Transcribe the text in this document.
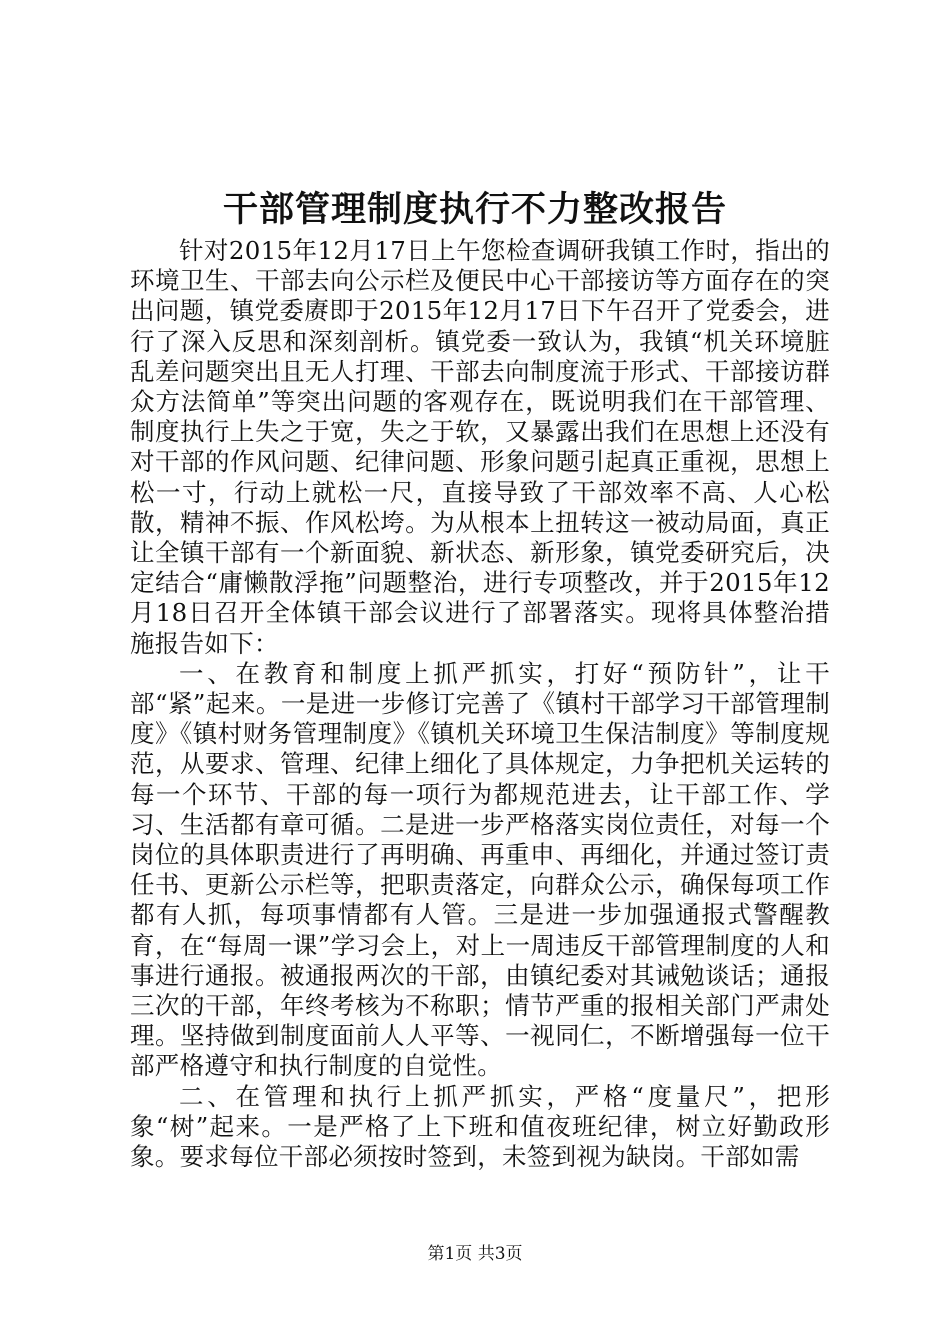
干部管理制度执行不力整改报告

针对2015年12月17日上午您检查调研我镇工作时，指出的环境卫生、干部去向公示栏及便民中心干部接访等方面存在的突出问题，镇党委赓即于2015年12月17日下午召开了党委会，进行了深入反思和深刻剖析。镇党委一致认为，我镇“机关环境脏乱差问题突出且无人打理、干部去向制度流于形式、干部接访群众方法简单”等突出问题的客观存在，既说明我们在干部管理、制度执行上失之于宽，失之于软，又暴露出我们在思想上还没有对干部的作风问题、纪律问题、形象问题引起真正重视，思想上松一寸，行动上就松一尺，直接导致了干部效率不高、人心松散，精神不振、作风松垮。为从根本上扭转这一被动局面，真正让全镇干部有一个新面貌、新状态、新形象，镇党委研究后，决定结合“庸懒散浮拖”问题整治，进行专项整改，并于2015年12月18日召开全体镇干部会议进行了部署落实。现将具体整治措施报告如下：

一、在教育和制度上抓严抓实，打好“预防针”，让干部“紧”起来。一是进一步修订完善了《镇村干部学习干部管理制度》《镇村财务管理制度》《镇机关环境卫生保洁制度》等制度规范，从要求、管理、纪律上细化了具体规定，力争把机关运转的每一个环节、干部的每一项行为都规范进去，让干部工作、学习、生活都有章可循。二是进一步严格落实岗位责任，对每一个岗位的具体职责进行了再明确、再重申、再细化，并通过签订责任书、更新公示栏等，把职责落定，向群众公示，确保每项工作都有人抓，每项事情都有人管。三是进一步加强通报式警醒教育，在“每周一课”学习会上，对上一周违反干部管理制度的人和事进行通报。被通报两次的干部，由镇纪委对其诫勉谈话；通报三次的干部，年终考核为不称职；情节严重的报相关部门严肃处理。坚持做到制度面前人人平等、一视同仁，不断增强每一位干部严格遵守和执行制度的自觉性。

二、在管理和执行上抓严抓实，严格“度量尺”，把形象“树”起来。一是严格了上下班和值夜班纪律，树立好勤政形象。要求每位干部必须按时签到，未签到视为缺岗。干部如需

第1页 共3页
